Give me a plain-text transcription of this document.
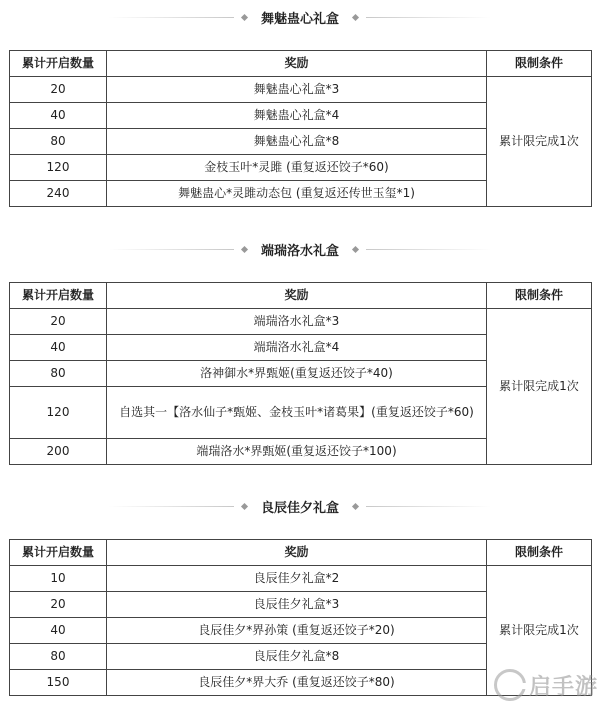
舞魅蛊心礼盒
累计开启数量	奖励	限制条件
20	舞魅蛊心礼盒*3	累计限完成1次
40	舞魅蛊心礼盒*4	
80	舞魅蛊心礼盒*8	
120	金枝玉叶*灵雎 (重复返还饺子*60)	
240	舞魅蛊心*灵雎动态包 (重复返还传世玉玺*1)	
端瑞洛水礼盒
累计开启数量	奖励	限制条件
20	端瑞洛水礼盒*3	累计限完成1次
40	端瑞洛水礼盒*4	
80	洛神御水*界甄姬(重复返还饺子*40)	
120	自选其一【洛水仙子*甄姬、金枝玉叶*诸葛果】(重复返还饺子*60)	
200	端瑞洛水*界甄姬(重复返还饺子*100)	
良辰佳夕礼盒
累计开启数量	奖励	限制条件
10	良辰佳夕礼盒*2	累计限完成1次
20	良辰佳夕礼盒*3	
40	良辰佳夕*界孙策 (重复返还饺子*20)	
80	良辰佳夕礼盒*8	
150	良辰佳夕*界大乔 (重复返还饺子*80)		启手游
